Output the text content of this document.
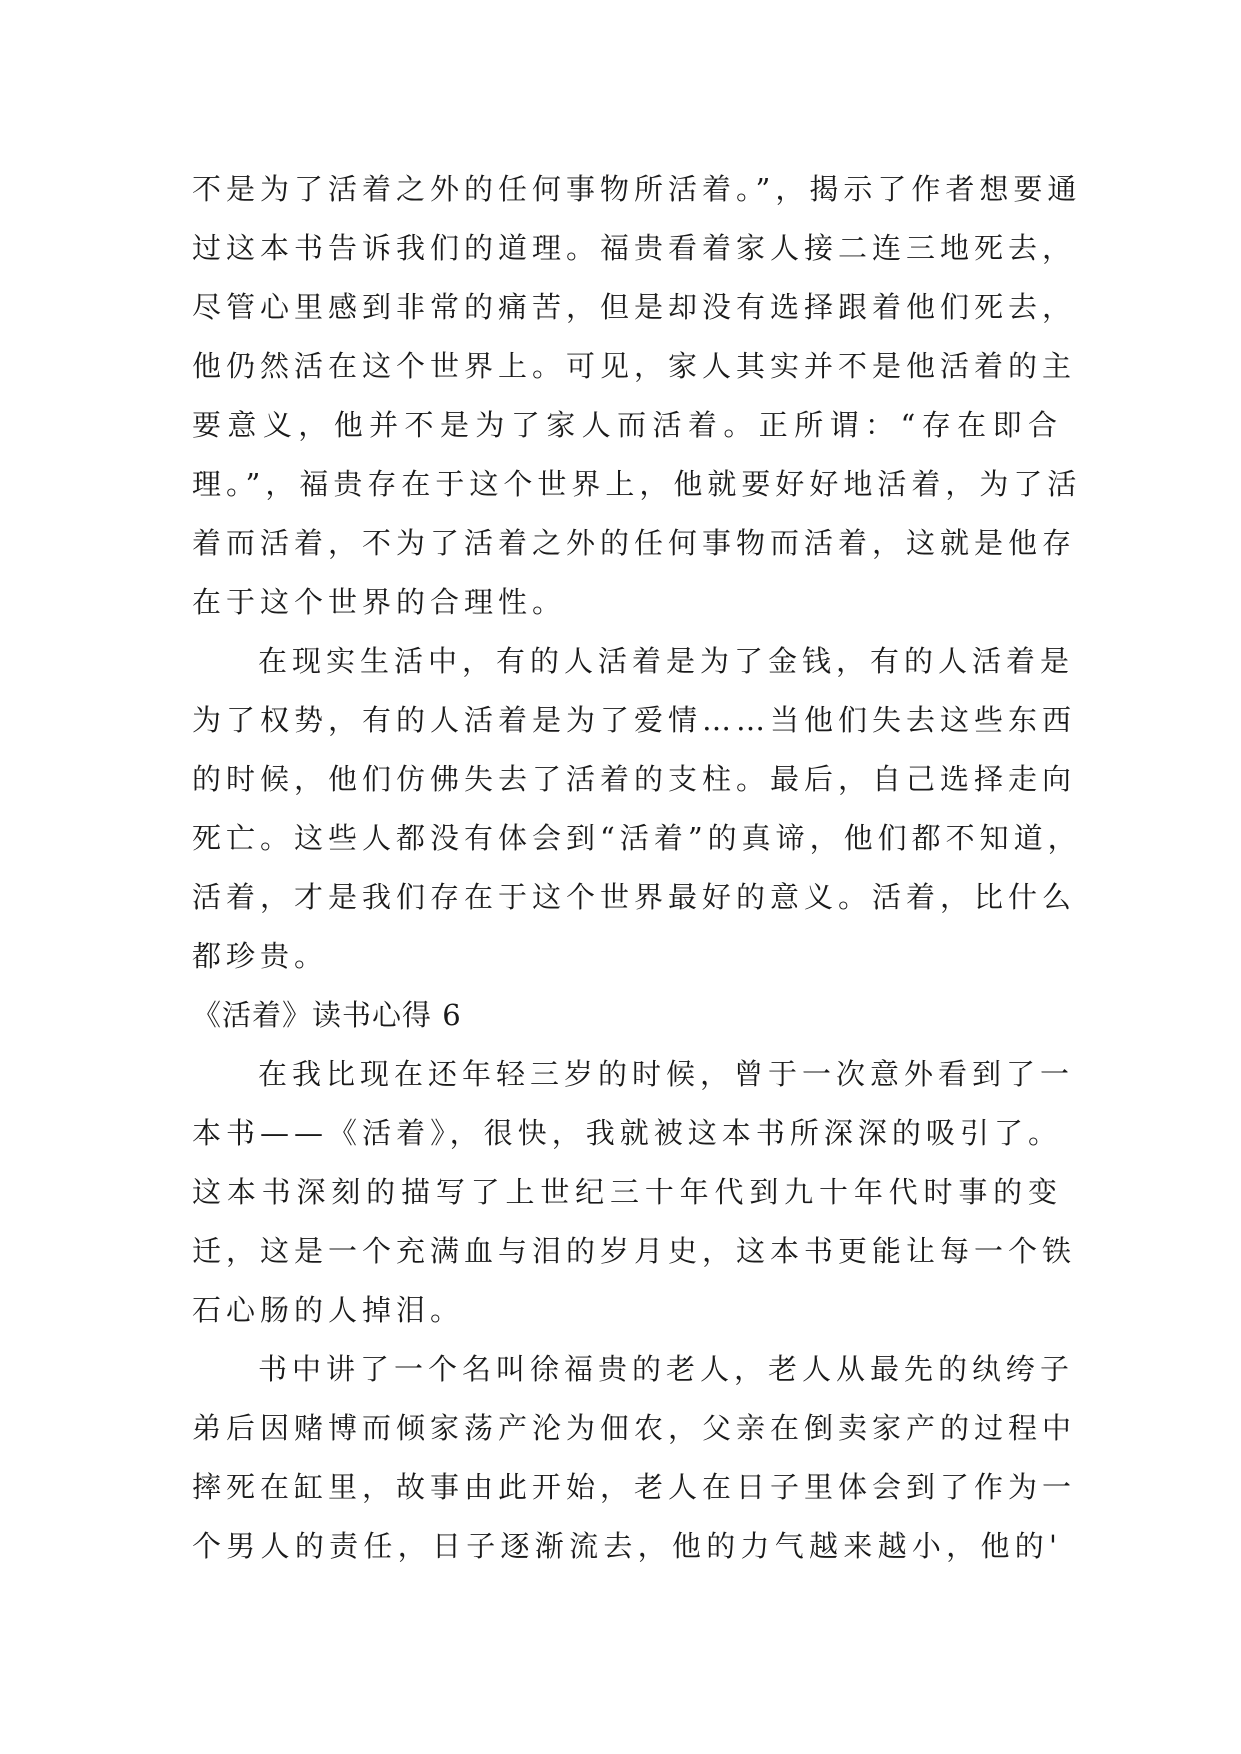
不是为了活着之外的任何事物所活着。”，揭示了作者想要通
过这本书告诉我们的道理。福贵看着家人接二连三地死去，
尽管心里感到非常的痛苦，但是却没有选择跟着他们死去，
他仍然活在这个世界上。可见，家人其实并不是他活着的主
要意义，他并不是为了家人而活着。正所谓：“存在即合
理。”，福贵存在于这个世界上，他就要好好地活着，为了活
着而活着，不为了活着之外的任何事物而活着，这就是他存
在于这个世界的合理性。
在现实生活中，有的人活着是为了金钱，有的人活着是
为了权势，有的人活着是为了爱情……当他们失去这些东西
的时候，他们仿佛失去了活着的支柱。最后，自己选择走向
死亡。这些人都没有体会到“活着”的真谛，他们都不知道，
活着，才是我们存在于这个世界最好的意义。活着，比什么
都珍贵。
《活着》读书心得 6
在我比现在还年轻三岁的时候，曾于一次意外看到了一
本书——《活着》，很快，我就被这本书所深深的吸引了。
这本书深刻的描写了上世纪三十年代到九十年代时事的变
迁，这是一个充满血与泪的岁月史，这本书更能让每一个铁
石心肠的人掉泪。
书中讲了一个名叫徐福贵的老人，老人从最先的纨绔子
弟后因赌博而倾家荡产沦为佃农，父亲在倒卖家产的过程中
摔死在缸里，故事由此开始，老人在日子里体会到了作为一
个男人的责任，日子逐渐流去，他的力气越来越小，他的'
